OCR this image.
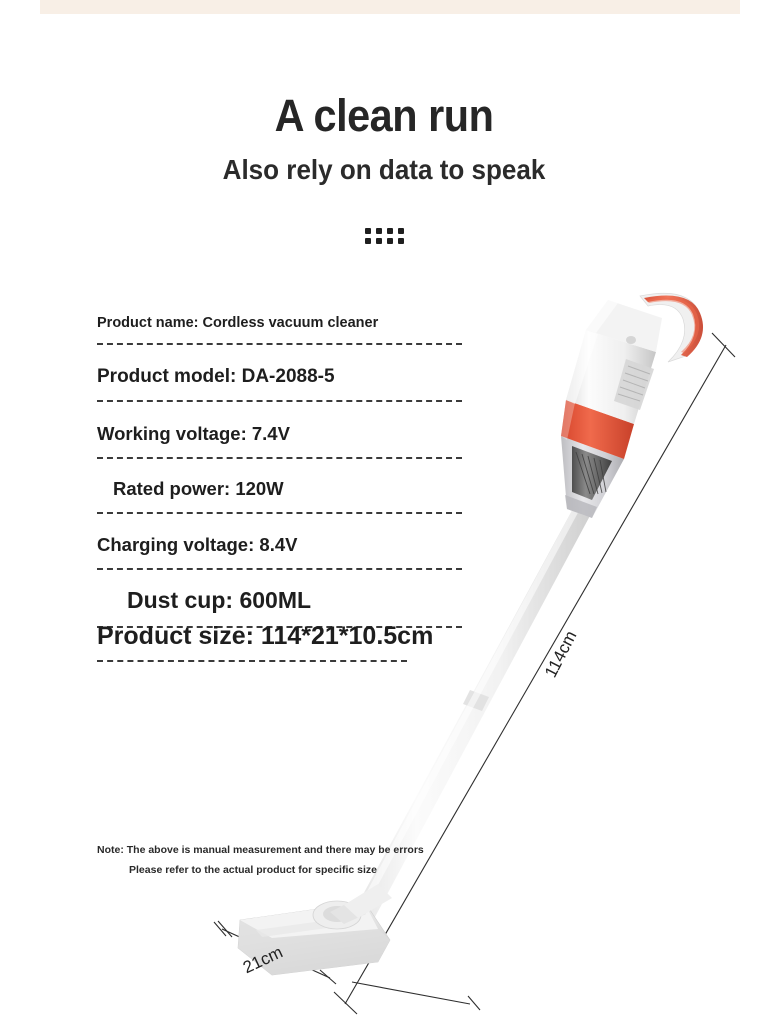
A clean run
Also rely on data to speak
114cm
21cm
Product name: Cordless vacuum cleaner
Product model: DA-2088-5
Working voltage: 7.4V
Rated power: 120W
Charging voltage: 8.4V
Dust cup: 600ML
Product size: 114*21*10.5cm
Note: The above is manual measurement and there may be errors
Please refer to the actual product for specific size
